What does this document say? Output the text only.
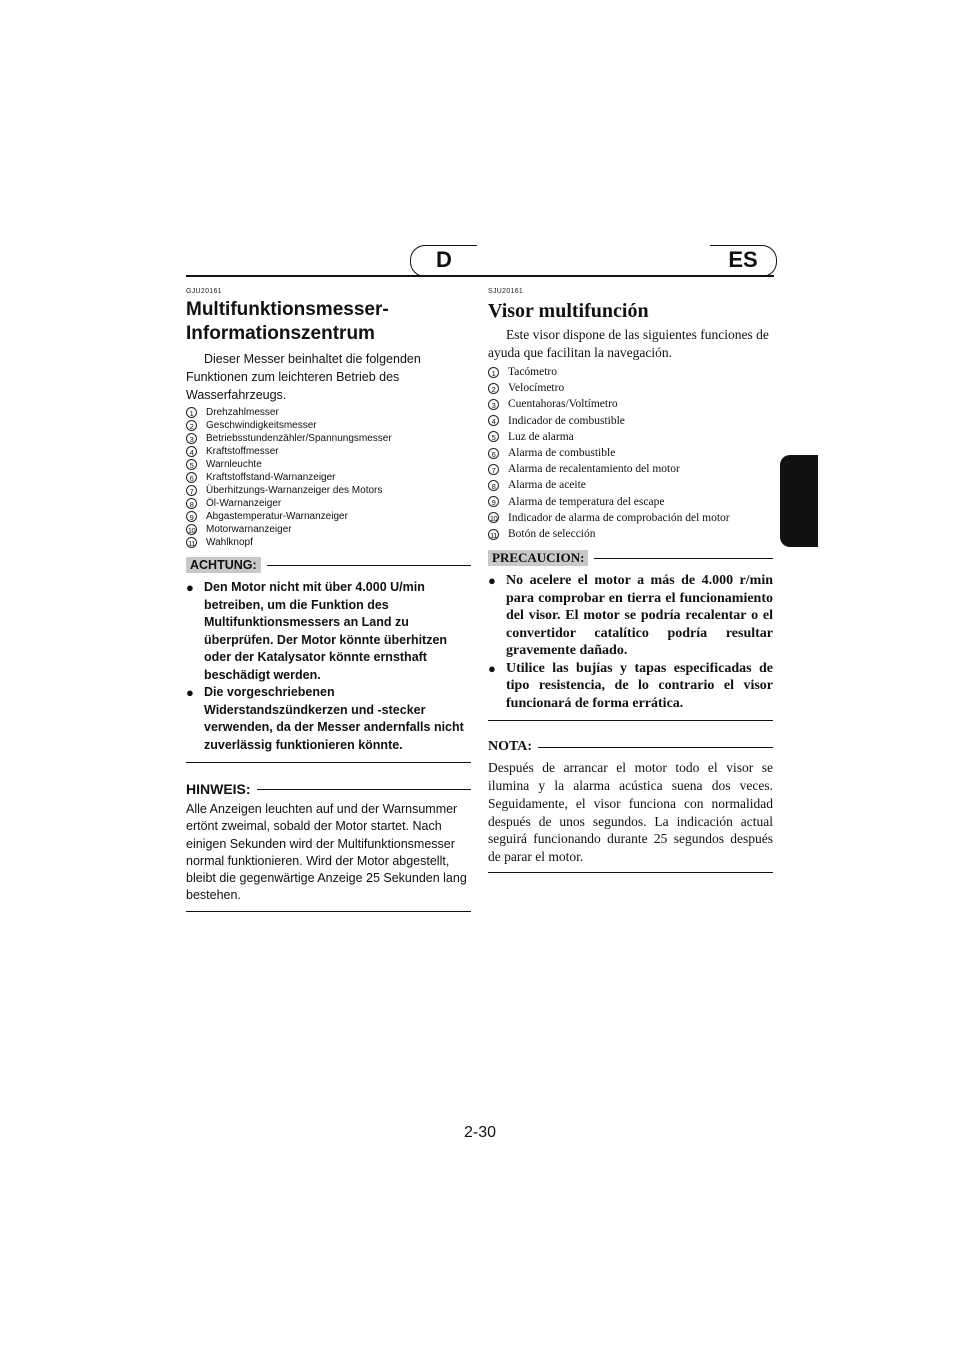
D	ES
GJU20161
Multifunktionsmesser-
Informationszentrum

Dieser Messer beinhaltet die folgenden Funktionen zum leichteren Betrieb des Wasserfahrzeugs.

1	Drehzahlmesser
2	Geschwindigkeitsmesser
3	Betriebsstundenzähler/Spannungsmesser
4	Kraftstoffmesser
5	Warnleuchte
6	Kraftstoffstand-Warnanzeiger
7	Überhitzungs-Warnanzeiger des Motors
8	Öl-Warnanzeiger
9	Abgastemperatur-Warnanzeiger
10 Motorwarnanzeiger
11 Wahlknopf
ACHTUNG:
● Den Motor nicht mit über 4.000 U/min betreiben, um die Funktion des Multifunktionsmessers an Land zu überprüfen. Der Motor könnte überhitzen oder der Katalysator könnte ernsthaft beschädigt werden.
● Die vorgeschriebenen Widerstandszündkerzen und -stecker verwenden, da der Messer andernfalls nicht zuverlässig funktionieren könnte.
HINWEIS:

Alle Anzeigen leuchten auf und der Warnsummer ertönt zweimal, sobald der Motor startet. Nach einigen Sekunden wird der Multifunktionsmesser normal funktionieren. Wird der Motor abgestellt, bleibt die gegenwärtige Anzeige 25 Sekunden lang bestehen.

SJU20161
Visor multifunción

Este visor dispone de las siguientes funciones de ayuda que facilitan la navegación.

1	Tacómetro
2	Velocímetro
3	Cuentahoras/Voltímetro
4	Indicador de combustible
5	Luz de alarma
6	Alarma de combustible
7	Alarma de recalentamiento del motor
8	Alarma de aceite
9	Alarma de temperatura del escape
10 Indicador de alarma de comprobación del motor
11 Botón de selección
PRECAUCION:
● No acelere el motor a más de 4.000 r/min para comprobar en tierra el funcionamiento del visor. El motor se podría recalentar o el convertidor catalítico podría resultar gravemente dañado.
● Utilice las bujías y tapas especificadas de tipo resistencia, de lo contrario el visor funcionará de forma errática.
NOTA:

Después de arrancar el motor todo el visor se ilumina y la alarma acústica suena dos veces. Seguidamente, el visor funciona con normalidad después de unos segundos. La indicación actual seguirá funcionando durante 25 segundos después de parar el motor.

2-30
